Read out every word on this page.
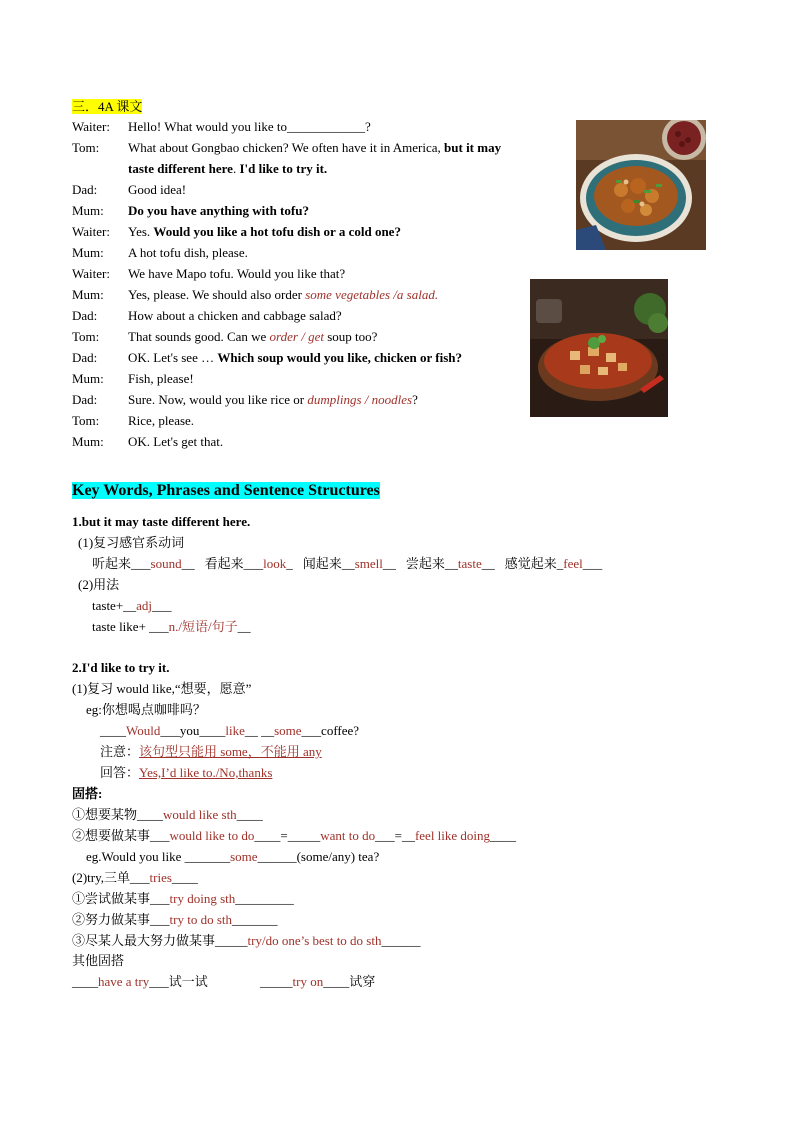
三．4A 课文
Waiter: Hello! What would you like to____________?
Tom: What about Gongbao chicken? We often have it in America, but it may
taste different here. I'd like to try it.
Dad: Good idea!
Mum: Do you have anything with tofu?
Waiter: Yes. Would you like a hot tofu dish or a cold one?
Mum: A hot tofu dish, please.
Waiter: We have Mapo tofu. Would you like that?
Mum: Yes, please. We should also order some vegetables /a salad.
Dad: How about a chicken and cabbage salad?
Tom: That sounds good. Can we order / get soup too?
Dad: OK. Let's see … Which soup would you like, chicken or fish?
Mum: Fish, please!
Dad: Sure. Now, would you like rice or dumplings / noodles?
Tom: Rice, please.
Mum: OK. Let's get that.
Key Words, Phrases and Sentence Structures
1.but it may taste different here.
(1)复习感官系动词
听起来___sound__ 看起来___look_ 闻起来__smell__ 尝起来__taste__ 感觉起来_feel___
(2)用法
taste+__adj___
taste like+ ___n./短语/句子__
2.I'd like to try it.
(1)复习 would like,“想要，愿意”
eg:你想喝点咖啡吗？
____Would___you____like__ __some___coffee?
注意：该句型只能用 some，不能用 any
回答：Yes,I’d like to./No,thanks
固搭:
①想要某物____would like sth____
②想要做某事___would like to do____=_____want to do___=__feel like doing____
eg.Would you like _______some______(some/any) tea?
(2)try,三单___tries____
①尝试做某事___try doing sth_________
②努力做某事___try to do sth_______
③尽某人最大努力做某事_____try/do one’s best to do sth______
其他固搭
____have a try___试一试	_____try on____试穿
